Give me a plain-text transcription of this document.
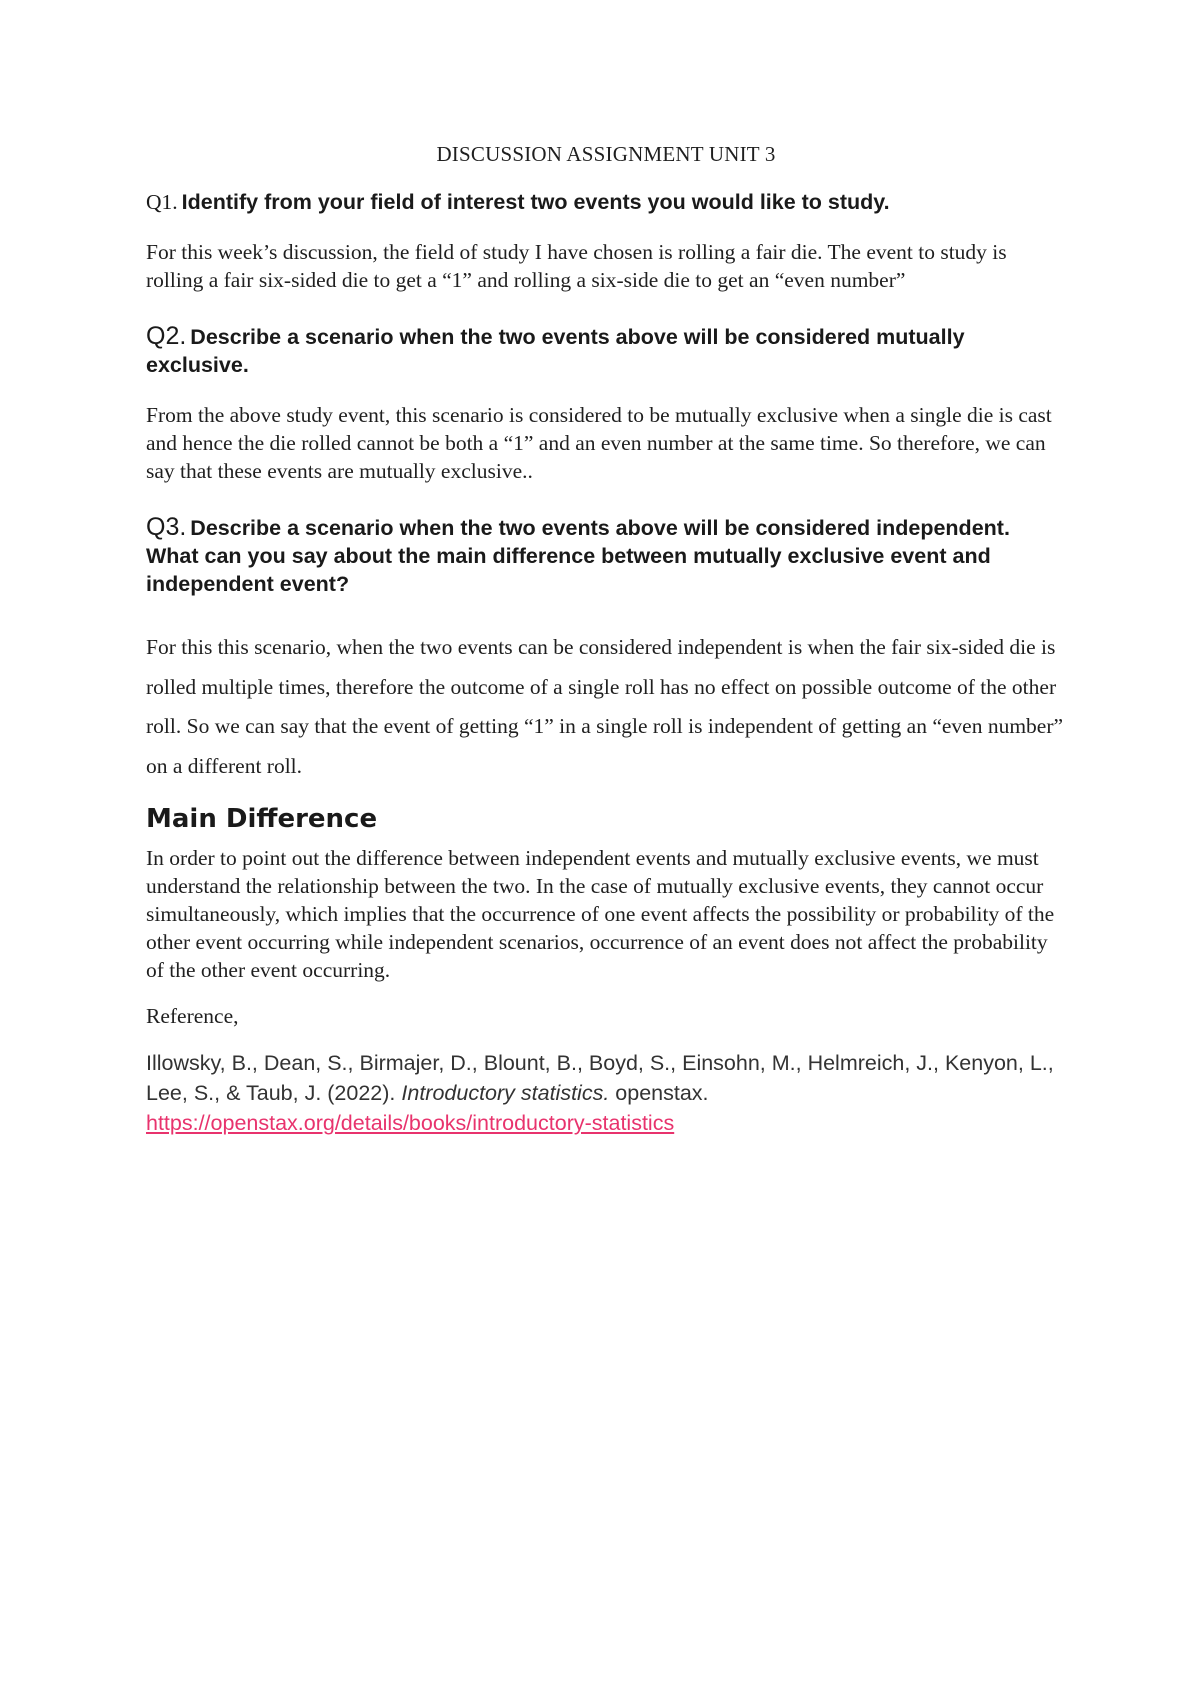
DISCUSSION ASSIGNMENT UNIT 3
Q1. Identify from your field of interest two events you would like to study.
For this week’s discussion, the field of study I have chosen is rolling a fair die. The event to study is rolling a fair six-sided die to get a “1” and rolling a six-side die to get an “even number”
Q2. Describe a scenario when the two events above will be considered mutually exclusive.
From the above study event, this scenario is considered to be mutually exclusive when a single die is cast and hence the die rolled cannot be both a “1” and an even number at the same time. So therefore, we can say that these events are mutually exclusive..
Q3. Describe a scenario when the two events above will be considered independent. What can you say about the main difference between mutually exclusive event and independent event?
For this this scenario, when the two events can be considered independent is when the fair six-sided die is rolled multiple times, therefore the outcome of a single roll has no effect on possible outcome of the other roll. So we can say that the event of getting “1” in a single roll is independent of getting an “even number” on a different roll.
Main Difference
In order to point out the difference between independent events and mutually exclusive events, we must understand the relationship between the two. In the case of mutually exclusive events, they cannot occur simultaneously, which implies that the occurrence of one event affects the possibility or probability of the other event occurring while independent scenarios, occurrence of an event does not affect the probability of the other event occurring.
Reference,

Illowsky, B., Dean, S., Birmajer, D., Blount, B., Boyd, S., Einsohn, M., Helmreich, J., Kenyon, L., Lee, S., & Taub, J. (2022). Introductory statistics. openstax. https://openstax.org/details/books/introductory-statistics
